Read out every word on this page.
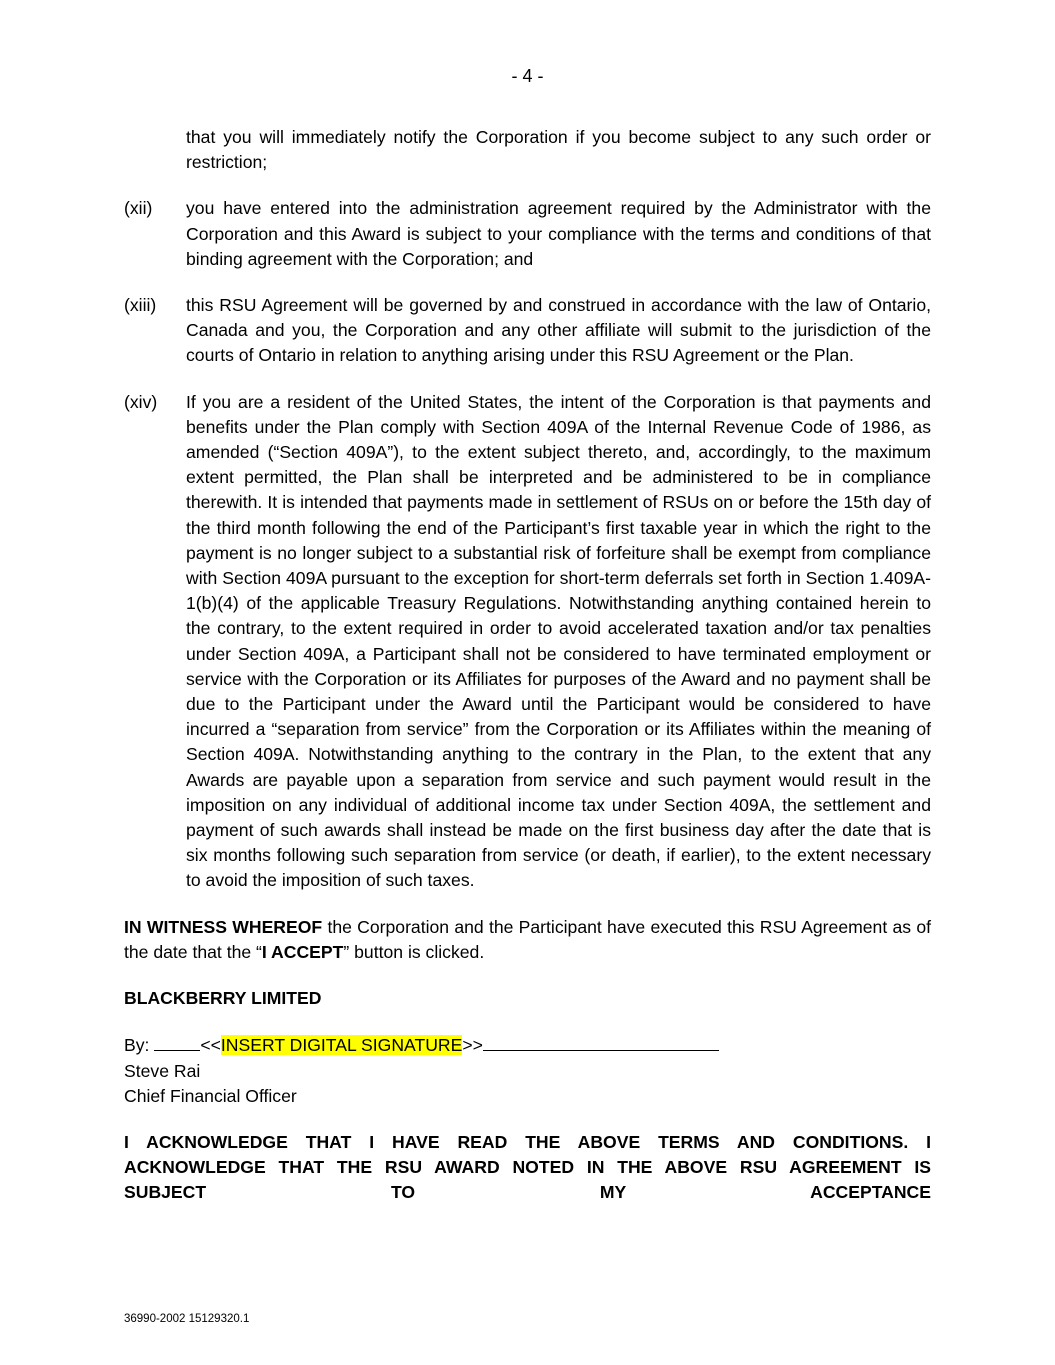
- 4 -
that you will immediately notify the Corporation if you become subject to any such order or restriction;
(xii) you have entered into the administration agreement required by the Administrator with the Corporation and this Award is subject to your compliance with the terms and conditions of that binding agreement with the Corporation; and
(xiii) this RSU Agreement will be governed by and construed in accordance with the law of Ontario, Canada and you, the Corporation and any other affiliate will submit to the jurisdiction of the courts of Ontario in relation to anything arising under this RSU Agreement or the Plan.
(xiv) If you are a resident of the United States, the intent of the Corporation is that payments and benefits under the Plan comply with Section 409A of the Internal Revenue Code of 1986, as amended (“Section 409A”), to the extent subject thereto, and, accordingly, to the maximum extent permitted, the Plan shall be interpreted and be administered to be in compliance therewith. It is intended that payments made in settlement of RSUs on or before the 15th day of the third month following the end of the Participant’s first taxable year in which the right to the payment is no longer subject to a substantial risk of forfeiture shall be exempt from compliance with Section 409A pursuant to the exception for short-term deferrals set forth in Section 1.409A-1(b)(4) of the applicable Treasury Regulations. Notwithstanding anything contained herein to the contrary, to the extent required in order to avoid accelerated taxation and/or tax penalties under Section 409A, a Participant shall not be considered to have terminated employment or service with the Corporation or its Affiliates for purposes of the Award and no payment shall be due to the Participant under the Award until the Participant would be considered to have incurred a “separation from service” from the Corporation or its Affiliates within the meaning of Section 409A. Notwithstanding anything to the contrary in the Plan, to the extent that any Awards are payable upon a separation from service and such payment would result in the imposition on any individual of additional income tax under Section 409A, the settlement and payment of such awards shall instead be made on the first business day after the date that is six months following such separation from service (or death, if earlier), to the extent necessary to avoid the imposition of such taxes.
IN WITNESS WHEREOF the Corporation and the Participant have executed this RSU Agreement as of the date that the “I ACCEPT” button is clicked.
BLACKBERRY LIMITED
By:	<<INSERT DIGITAL SIGNATURE>>
Steve Rai
Chief Financial Officer
I ACKNOWLEDGE THAT I HAVE READ THE ABOVE TERMS AND CONDITIONS. I ACKNOWLEDGE THAT THE RSU AWARD NOTED IN THE ABOVE RSU AGREEMENT IS SUBJECT TO MY ACCEPTANCE
36990-2002 15129320.1
